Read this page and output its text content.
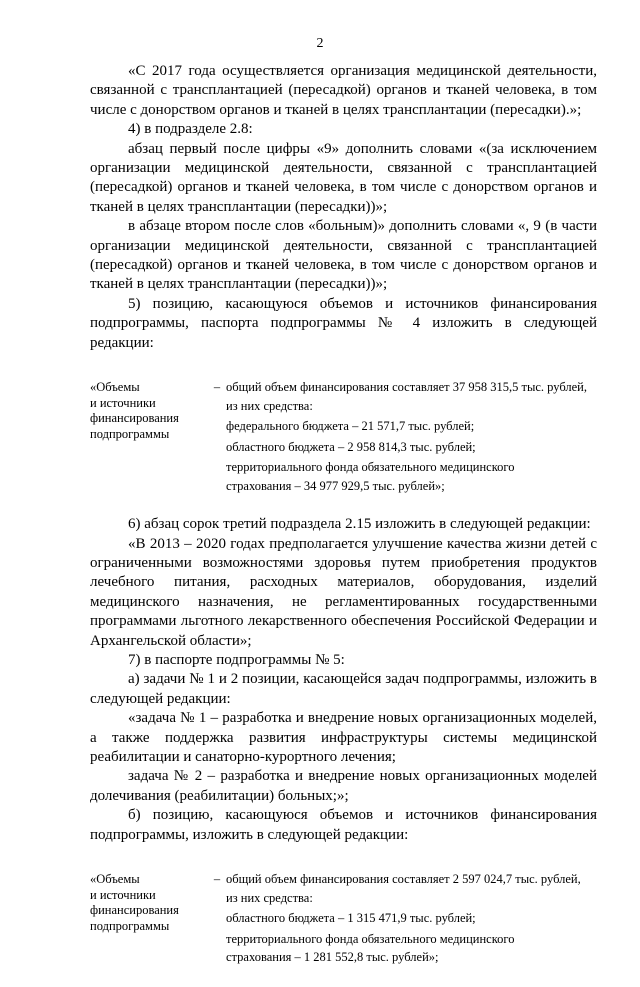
2

«С 2017 года осуществляется организация медицинской деятельности, связанной с трансплантацией (пересадкой) органов и тканей человека, в том числе с донорством органов и тканей в целях трансплантации (пересадки).»;

4) в подразделе 2.8:

абзац первый после цифры «9» дополнить словами «(за исключением организации медицинской деятельности, связанной с трансплантацией (пересадкой) органов и тканей человека, в том числе с донорством органов и тканей в целях трансплантации (пересадки))»;

в абзаце втором после слов «больным)» дополнить словами «, 9 (в части организации медицинской деятельности, связанной с трансплантацией (пересадкой) органов и тканей человека, в том числе с донорством органов и тканей в целях трансплантации (пересадки))»;

5) позицию, касающуюся объемов и источников финансирования подпрограммы, паспорта подпрограммы № 4 изложить в следующей редакции:

«Объемы
и источники
финансирования
подпрограммы
– общий объем финансирования составляет 37 958 315,5 тыс. рублей,
из них средства:
федерального бюджета – 21 571,7 тыс. рублей;
областного бюджета – 2 958 814,3 тыс. рублей;
территориального фонда обязательного медицинского
страхования – 34 977 929,5 тыс. рублей»;

6) абзац сорок третий подраздела 2.15 изложить в следующей редакции:

«В 2013 – 2020 годах предполагается улучшение качества жизни детей с ограниченными возможностями здоровья путем приобретения продуктов лечебного питания, расходных материалов, оборудования, изделий медицинского назначения, не регламентированных государственными программами льготного лекарственного обеспечения Российской Федерации и Архангельской области»;

7) в паспорте подпрограммы № 5:

а) задачи № 1 и 2 позиции, касающейся задач подпрограммы, изложить в следующей редакции:

«задача № 1 – разработка и внедрение новых организационных моделей, а также поддержка развития инфраструктуры системы медицинской реабилитации и санаторно-курортного лечения;

задача № 2 – разработка и внедрение новых организационных моделей долечивания (реабилитации) больных;»;

б) позицию, касающуюся объемов и источников финансирования подпрограммы, изложить в следующей редакции:

«Объемы
и источники
финансирования
подпрограммы
– общий объем финансирования составляет 2 597 024,7 тыс. рублей,
из них средства:
областного бюджета – 1 315 471,9 тыс. рублей;
территориального фонда обязательного медицинского
страхования – 1 281 552,8 тыс. рублей»;
